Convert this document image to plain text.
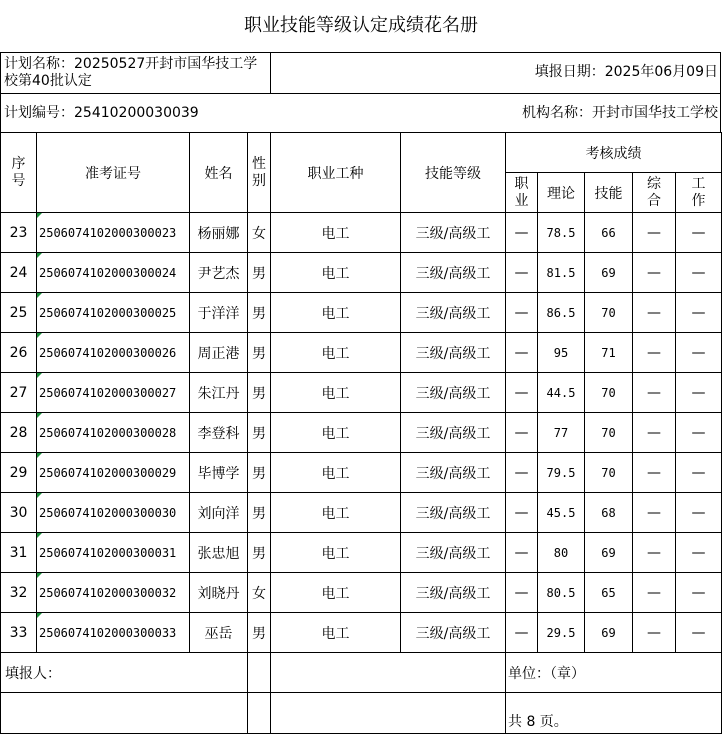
职业技能等级认定成绩花名册
计划名称：20250527开封市国华技工学校第40批认定
填报日期：2025年06月09日
计划编号：25410200030039	机构名称：开封市国华技工学校
序号	准考证号	姓名	性别	职业工种	技能等级	考核成绩				

						职业	理论	技能	综合	工作

23	2506074102000300023	杨丽娜	女	电工	三级/高级工	—	78.5	66	—	—
24	2506074102000300024	尹艺杰	男	电工	三级/高级工	—	81.5	69	—	—
25	2506074102000300025	于洋洋	男	电工	三级/高级工	—	86.5	70	—	—
26	2506074102000300026	周正港	男	电工	三级/高级工	—	95	71	—	—
27	2506074102000300027	朱江丹	男	电工	三级/高级工	—	44.5	70	—	—
28	2506074102000300028	李登科	男	电工	三级/高级工	—	77	70	—	—
29	2506074102000300029	毕博学	男	电工	三级/高级工	—	79.5	70	—	—
30	2506074102000300030	刘向洋	男	电工	三级/高级工	—	45.5	68	—	—
31	2506074102000300031	张忠旭	男	电工	三级/高级工	—	80	69	—	—
32	2506074102000300032	刘晓丹	女	电工	三级/高级工	—	80.5	65	—	—
33	2506074102000300033	巫岳	男	电工	三级/高级工	—	29.5	69	—	—
填报人：						单位：（章）				
						共 8 页。				
